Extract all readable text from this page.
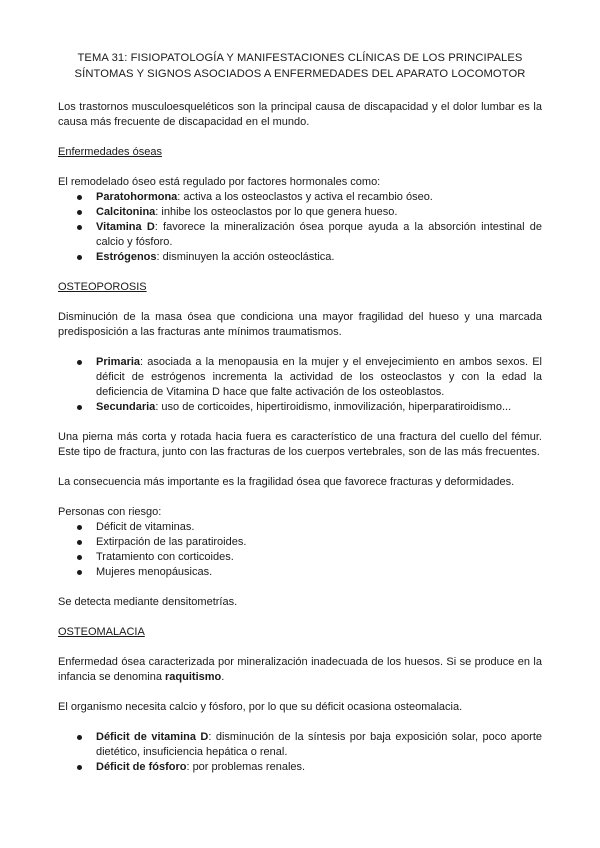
TEMA 31: FISIOPATOLOGÍA Y MANIFESTACIONES CLÍNICAS DE LOS PRINCIPALES
SÍNTOMAS Y SIGNOS ASOCIADOS A ENFERMEDADES DEL APARATO LOCOMOTOR

Los trastornos musculoesqueléticos son la principal causa de discapacidad y el dolor lumbar es la causa más frecuente de discapacidad en el mundo.

Enfermedades óseas

El remodelado óseo está regulado por factores hormonales como:

Paratohormona: activa a los osteoclastos y activa el recambio óseo.
Calcitonina: inhibe los osteoclastos por lo que genera hueso.
Vitamina D: favorece la mineralización ósea porque ayuda a la absorción intestinal de calcio y fósforo.
Estrógenos: disminuyen la acción osteoclástica.

OSTEOPOROSIS

Disminución de la masa ósea que condiciona una mayor fragilidad del hueso y una marcada predisposición a las fracturas ante mínimos traumatismos.

Primaria: asociada a la menopausia en la mujer y el envejecimiento en ambos sexos. El déficit de estrógenos incrementa la actividad de los osteoclastos y con la edad la deficiencia de Vitamina D hace que falte activación de los osteoblastos.
Secundaria: uso de corticoides, hipertiroidismo, inmovilización, hiperparatiroidismo...

Una pierna más corta y rotada hacia fuera es característico de una fractura del cuello del fémur. Este tipo de fractura, junto con las fracturas de los cuerpos vertebrales, son de las más frecuentes.

La consecuencia más importante es la fragilidad ósea que favorece fracturas y deformidades.

Personas con riesgo:

Déficit de vitaminas.
Extirpación de las paratiroides.
Tratamiento con corticoides.
Mujeres menopáusicas.

Se detecta mediante densitometrías.

OSTEOMALACIA

Enfermedad ósea caracterizada por mineralización inadecuada de los huesos. Si se produce en la infancia se denomina raquitismo.

El organismo necesita calcio y fósforo, por lo que su déficit ocasiona osteomalacia.

Déficit de vitamina D: disminución de la síntesis por baja exposición solar, poco aporte dietético, insuficiencia hepática o renal.
Déficit de fósforo: por problemas renales.
